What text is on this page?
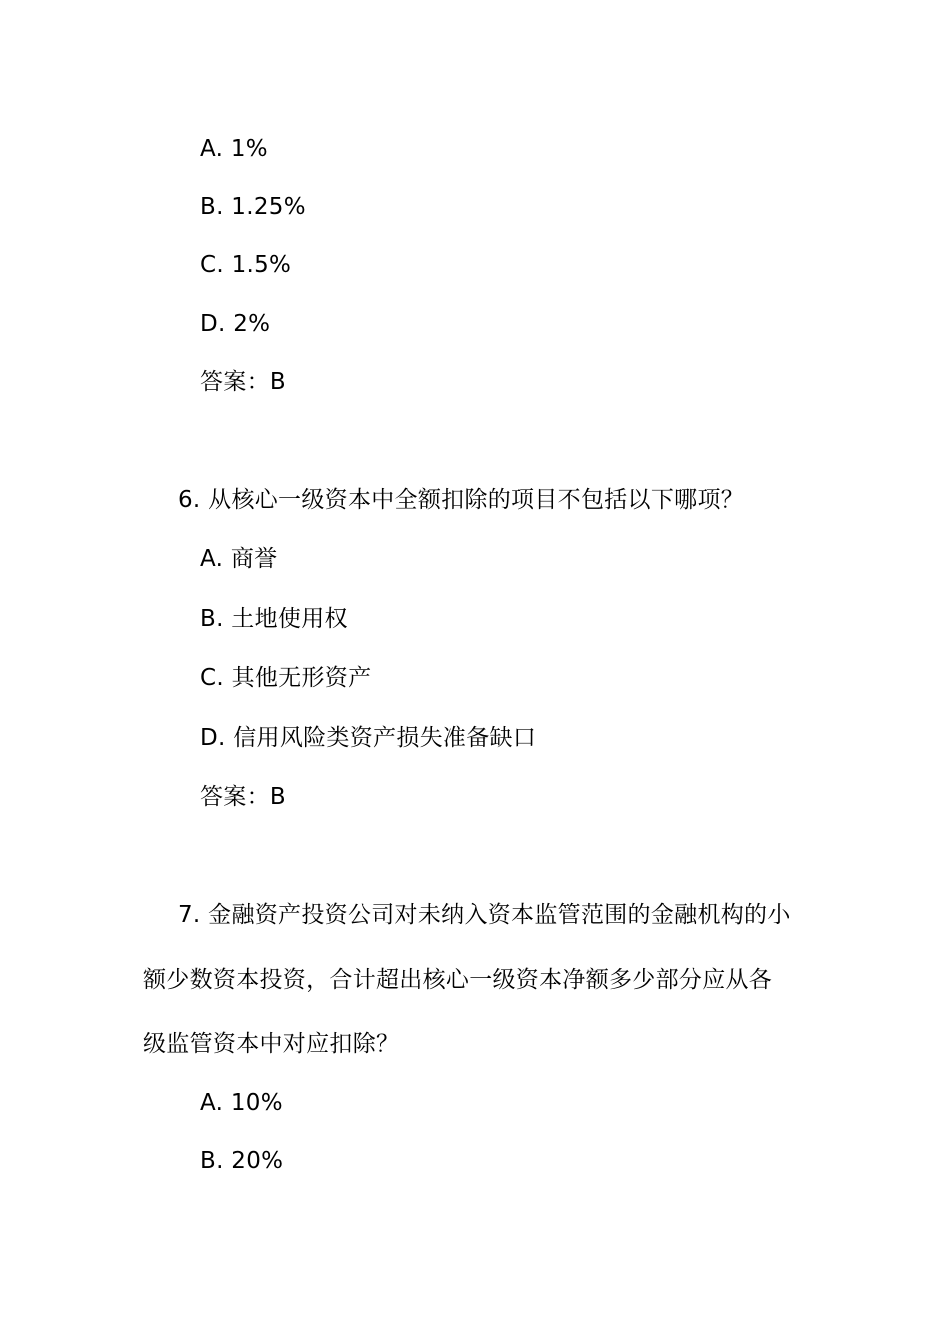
A. 1%
B. 1.25%
C. 1.5%
D. 2%
答案：B
6. 从核心一级资本中全额扣除的项目不包括以下哪项？
A. 商誉
B. 土地使用权
C. 其他无形资产
D. 信用风险类资产损失准备缺口
答案：B
7. 金融资产投资公司对未纳入资本监管范围的金融机构的小
额少数资本投资，合计超出核心一级资本净额多少部分应从各
级监管资本中对应扣除？
A. 10%
B. 20%
